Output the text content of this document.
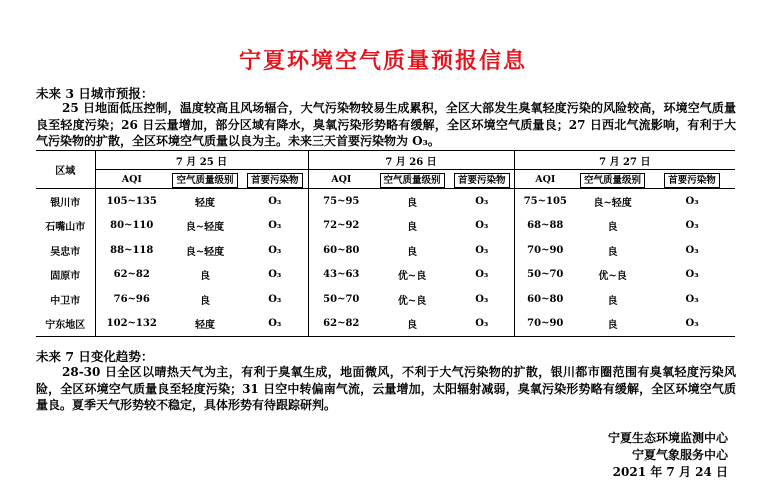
宁夏环境空气质量预报信息
未来 3 日城市预报：
25 日地面低压控制，温度较高且风场辐合，大气污染物较易生成累积，全区大部发生臭氧轻度污染的风险较高，环境空气质量良至轻度污染；26 日云量增加，部分区域有降水，臭氧污染形势略有缓解，全区环境空气质量良；27 日西北气流影响，有利于大气污染物的扩散，全区环境空气质量以良为主。未来三天首要污染物为 O₃。
区域	7 月 25 日			7 月 26 日			7 月 27 日		
	AQI	空气质量级别	首要污染物	AQI	空气质量级别	首要污染物	AQI	空气质量级别	首要污染物
银川市	105~135	轻度	O₃	75~95	良	O₃	75~105	良~轻度	O₃
石嘴山市	80~110	良~轻度	O₃	72~92	良	O₃	68~88	良	O₃
吴忠市	88~118	良~轻度	O₃	60~80	良	O₃	70~90	良	O₃
固原市	62~82	良	O₃	43~63	优~良	O₃	50~70	优~良	O₃
中卫市	76~96	良	O₃	50~70	优~良	O₃	60~80	良	O₃
宁东地区	102~132	轻度	O₃	62~82	良	O₃	70~90	良	O₃
未来 7 日变化趋势：
28-30 日全区以晴热天气为主，有利于臭氧生成，地面微风，不利于大气污染物的扩散，银川都市圈范围有臭氧轻度污染风险，全区环境空气质量良至轻度污染；31 日空中转偏南气流，云量增加，太阳辐射减弱，臭氧污染形势略有缓解，全区环境空气质量良。夏季天气形势较不稳定，具体形势有待跟踪研判。
宁夏生态环境监测中心
宁夏气象服务中心
2021 年 7 月 24 日
